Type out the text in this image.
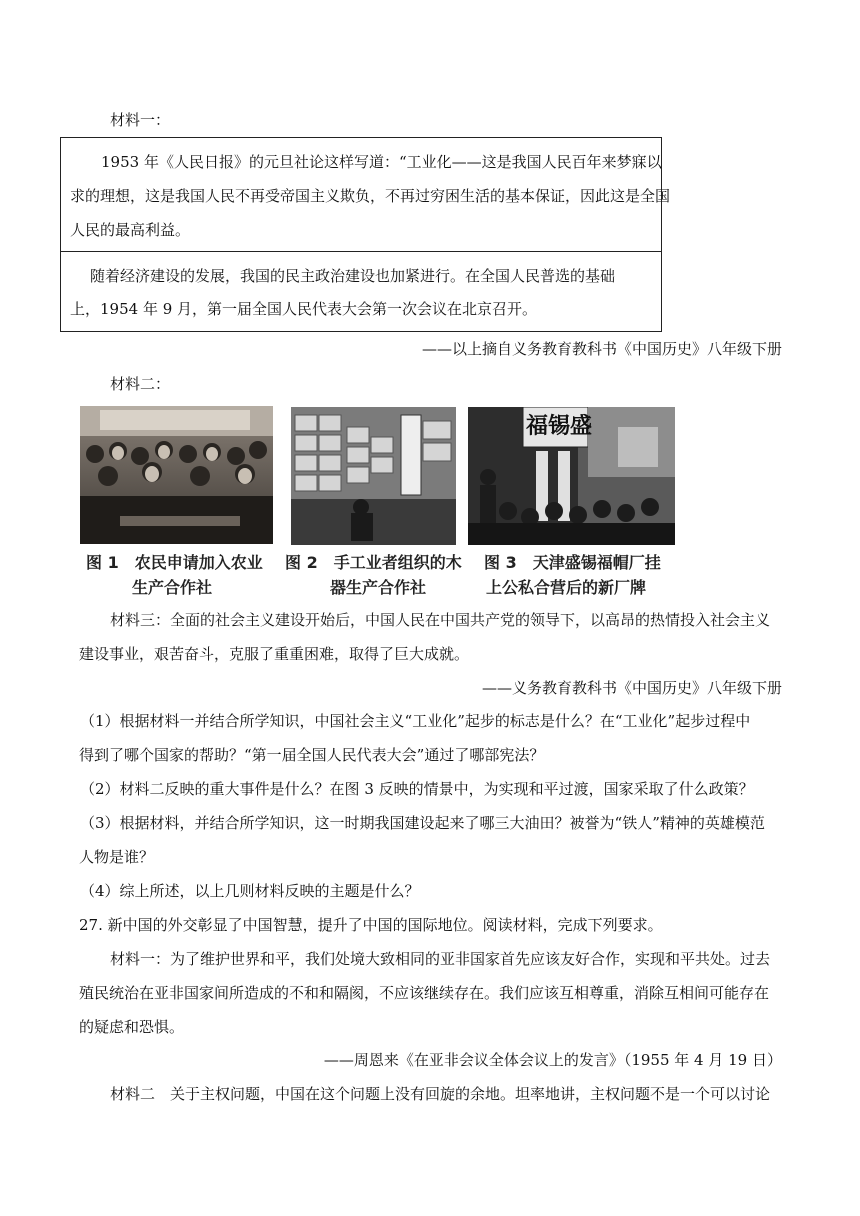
材料一：
1953 年《人民日报》的元旦社论这样写道：“工业化——这是我国人民百年来梦寐以
求的理想，这是我国人民不再受帝国主义欺负，不再过穷困生活的基本保证，因此这是全国
人民的最高利益。
随着经济建设的发展，我国的民主政治建设也加紧进行。在全国人民普选的基础
上，1954 年 9 月，第一届全国人民代表大会第一次会议在北京召开。
——以上摘自义务教育教科书《中国历史》八年级下册
材料二：
福锡盛
图 1　农民申请加入农业
生产合作社
图 2　手工业者组织的木
器生产合作社
图 3　天津盛锡福帽厂挂
上公私合营后的新厂牌
材料三：全面的社会主义建设开始后，中国人民在中国共产党的领导下，以高昂的热情投入社会主义
建设事业，艰苦奋斗，克服了重重困难，取得了巨大成就。
——义务教育教科书《中国历史》八年级下册
（1）根据材料一并结合所学知识，中国社会主义“工业化”起步的标志是什么？在“工业化”起步过程中
得到了哪个国家的帮助？“第一届全国人民代表大会”通过了哪部宪法？
（2）材料二反映的重大事件是什么？在图 3 反映的情景中，为实现和平过渡，国家采取了什么政策？
（3）根据材料，并结合所学知识，这一时期我国建设起来了哪三大油田？被誉为“铁人”精神的英雄模范
人物是谁？
（4）综上所述，以上几则材料反映的主题是什么？
27. 新中国的外交彰显了中国智慧，提升了中国的国际地位。阅读材料，完成下列要求。
材料一：为了维护世界和平，我们处境大致相同的亚非国家首先应该友好合作，实现和平共处。过去
殖民统治在亚非国家间所造成的不和和隔阂，不应该继续存在。我们应该互相尊重，消除互相间可能存在
的疑虑和恐惧。
——周恩来《在亚非会议全体会议上的发言》（1955 年 4 月 19 日）
材料二　关于主权问题，中国在这个问题上没有回旋的余地。坦率地讲，主权问题不是一个可以讨论
